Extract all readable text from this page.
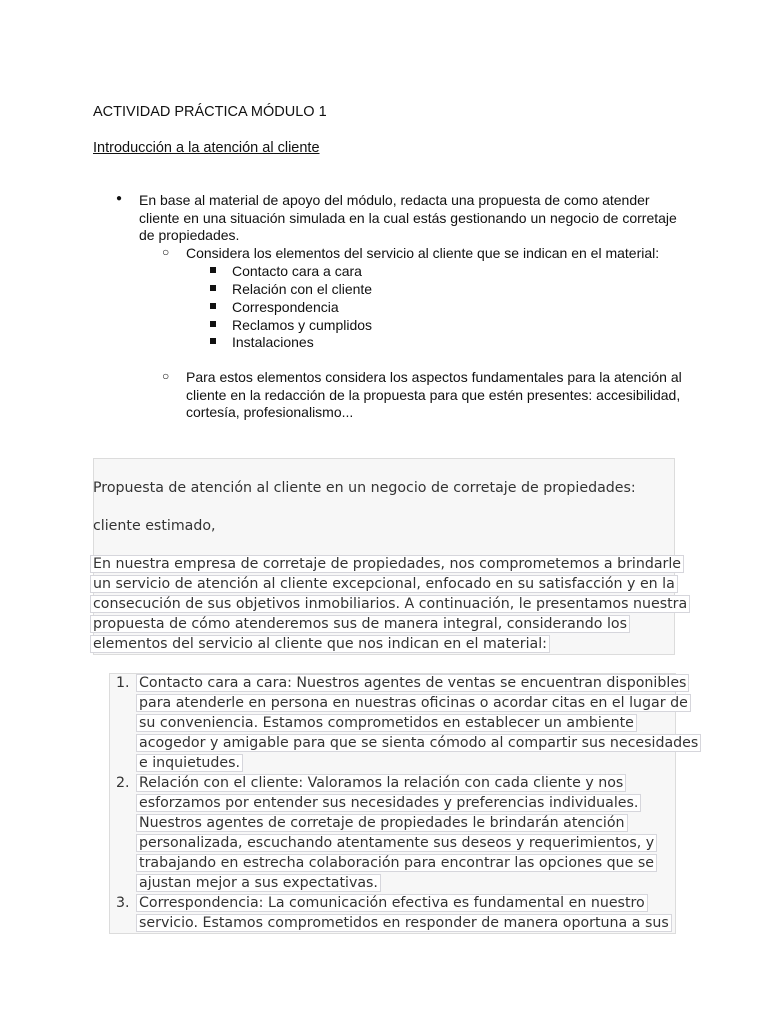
ACTIVIDAD PRÁCTICA MÓDULO 1
Introducción a la atención al cliente
● En base al material de apoyo del módulo, redacta una propuesta de como atender cliente en una situación simulada en la cual estás gestionando un negocio de corretaje de propiedades.
○ Considera los elementos del servicio al cliente que se indican en el material:
Contacto cara a cara
Relación con el cliente
Correspondencia
Reclamos y cumplidos
Instalaciones
○ Para estos elementos considera los aspectos fundamentales para la atención al cliente en la redacción de la propuesta para que estén presentes: accesibilidad, cortesía, profesionalismo...
Propuesta de atención al cliente en un negocio de corretaje de propiedades:
cliente estimado,
En nuestra empresa de corretaje de propiedades, nos comprometemos a brindarle
un servicio de atención al cliente excepcional, enfocado en su satisfacción y en la
consecución de sus objetivos inmobiliarios. A continuación, le presentamos nuestra
propuesta de cómo atenderemos sus de manera integral, considerando los
elementos del servicio al cliente que nos indican en el material:
1. Contacto cara a cara: Nuestros agentes de ventas se encuentran disponibles
para atenderle en persona en nuestras oficinas o acordar citas en el lugar de
su conveniencia. Estamos comprometidos en establecer un ambiente
acogedor y amigable para que se sienta cómodo al compartir sus necesidades
e inquietudes.
2. Relación con el cliente: Valoramos la relación con cada cliente y nos
esforzamos por entender sus necesidades y preferencias individuales.
Nuestros agentes de corretaje de propiedades le brindarán atención
personalizada, escuchando atentamente sus deseos y requerimientos, y
trabajando en estrecha colaboración para encontrar las opciones que se
ajustan mejor a sus expectativas.
3. Correspondencia: La comunicación efectiva es fundamental en nuestro
servicio. Estamos comprometidos en responder de manera oportuna a sus
